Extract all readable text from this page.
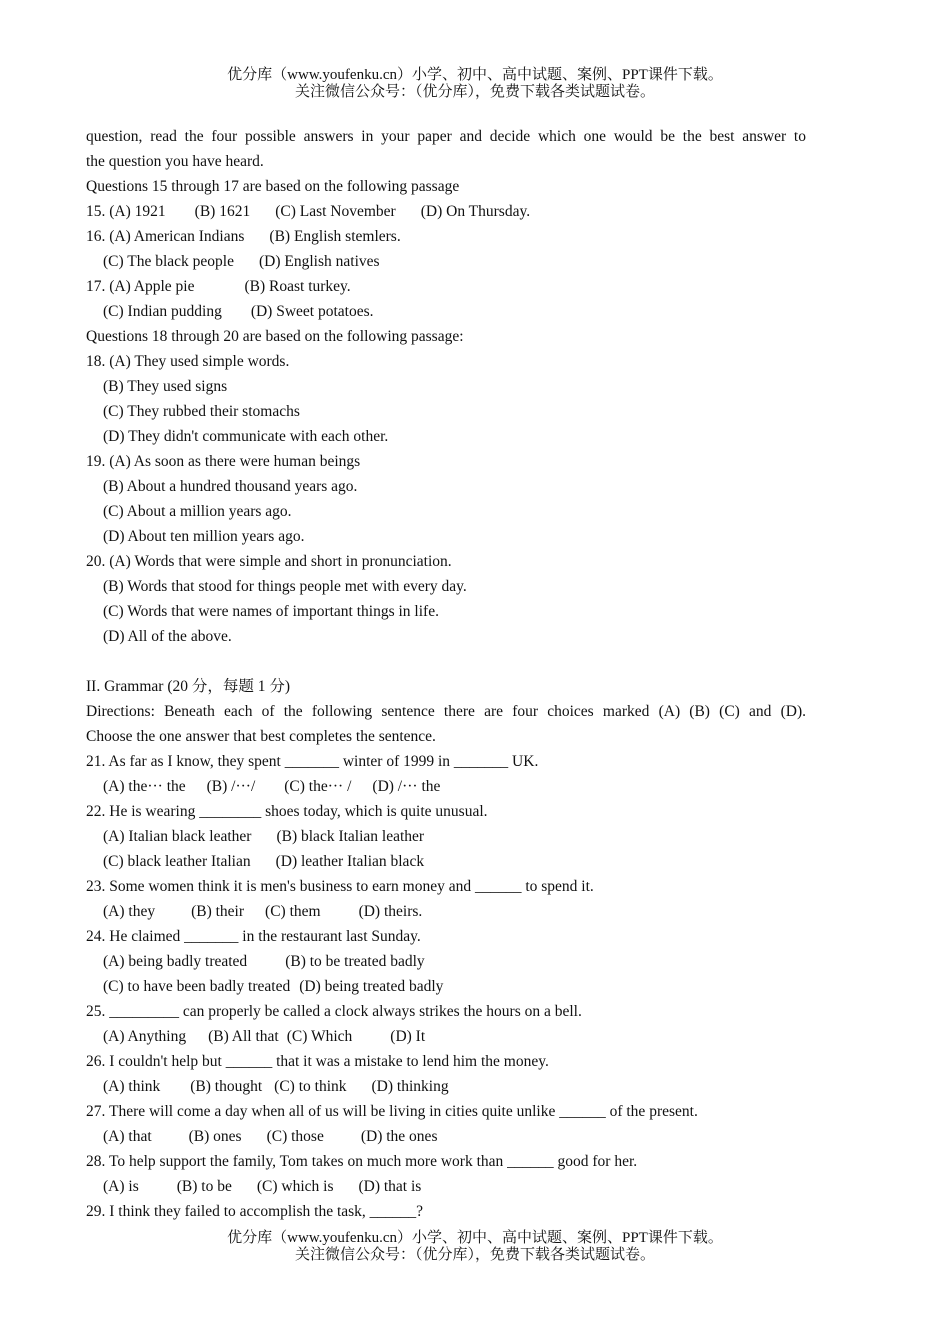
优分库（www.youfenku.cn）小学、初中、高中试题、案例、PPT课件下载。
关注微信公众号：（优分库），免费下载各类试题试卷。
question, read the four possible answers in your paper and decide which one would be the best answer to
the question you have heard.
Questions 15 through 17 are based on the following passage
15. (A) 1921 (B) 1621 (C) Last November (D) On Thursday.
16. (A) American Indians (B) English stemlers.
(C) The black people (D) English natives
17. (A) Apple pie	(B) Roast turkey.
(C) Indian pudding (D) Sweet potatoes.
Questions 18 through 20 are based on the following passage:
18. (A) They used simple words.
(B) They used signs
(C) They rubbed their stomachs
(D) They didn't communicate with each other.
19. (A) As soon as there were human beings
(B) About a hundred thousand years ago.
(C) About a million years ago.
(D) About ten million years ago.
20. (A) Words that were simple and short in pronunciation.
(B) Words that stood for things people met with every day.
(C) Words that were names of important things in life.
(D) All of the above.
II. Grammar (20 分，每题 1 分)
Directions: Beneath each of the following sentence there are four choices marked (A) (B) (C) and (D).
Choose the one answer that best completes the sentence.
21. As far as I know, they spent _______ winter of 1999 in _______ UK.
(A) the··· the (B) /···/ (C) the··· / (D) /··· the
22. He is wearing ________ shoes today, which is quite unusual.
(A) Italian black leather (B) black Italian leather
(C) black leather Italian (D) leather Italian black
23. Some women think it is men's business to earn money and ______ to spend it.
(A) they (B) their (C) them (D) theirs.
24. He claimed _______ in the restaurant last Sunday.
(A) being badly treated (B) to be treated badly
(C) to have been badly treated (D) being treated badly
25. _________ can properly be called a clock always strikes the hours on a bell.
(A) Anything (B) All that (C) Which (D) It
26. I couldn't help but ______ that it was a mistake to lend him the money.
(A) think (B) thought (C) to think (D) thinking
27. There will come a day when all of us will be living in cities quite unlike ______ of the present.
(A) that (B) ones (C) those (D) the ones
28. To help support the family, Tom takes on much more work than ______ good for her.
(A) is (B) to be (C) which is (D) that is
29. I think they failed to accomplish the task, ______?
优分库（www.youfenku.cn）小学、初中、高中试题、案例、PPT课件下载。
关注微信公众号：（优分库），免费下载各类试题试卷。
